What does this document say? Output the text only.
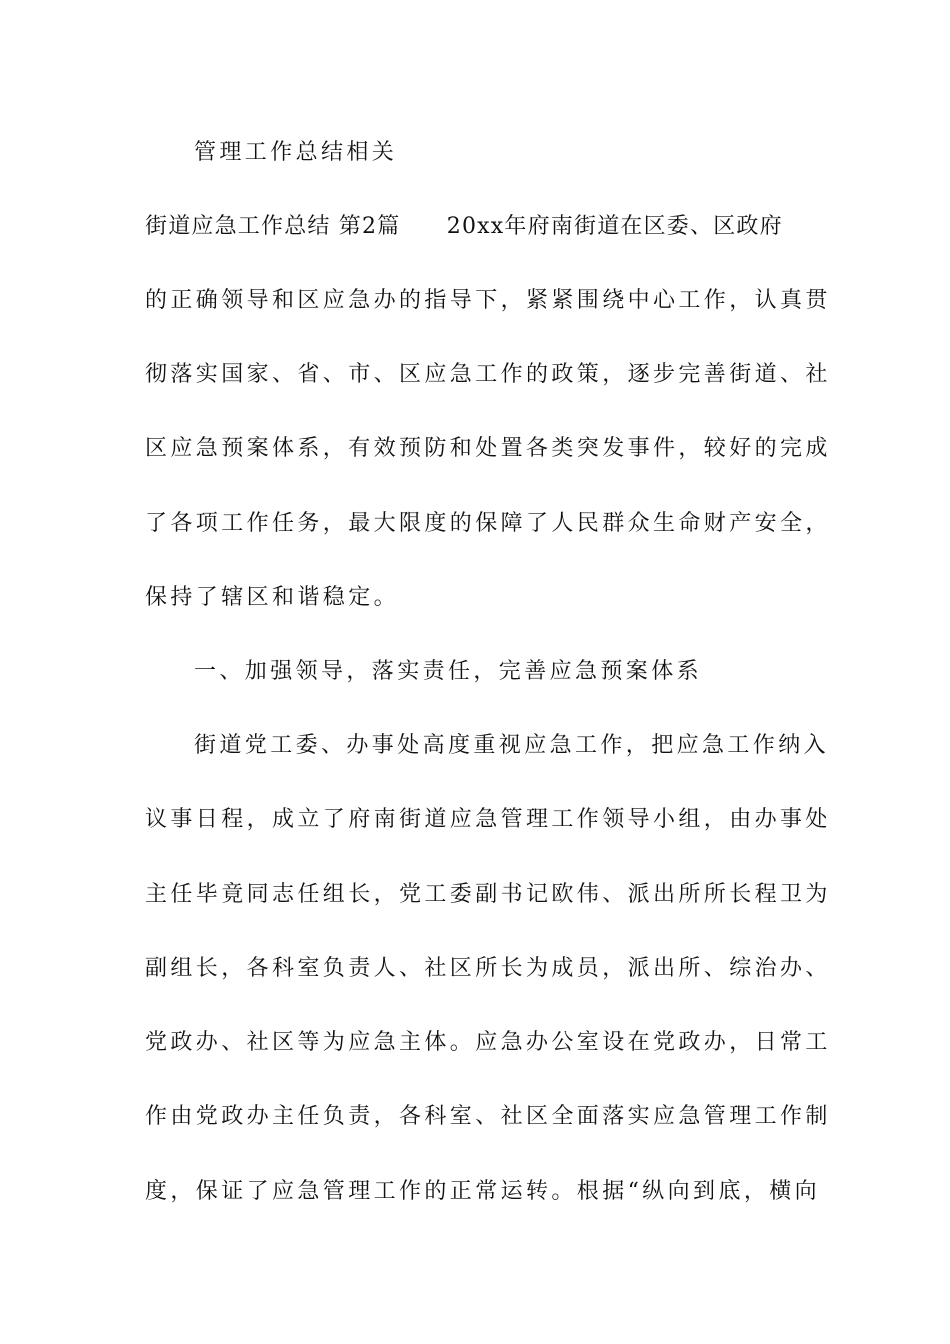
管理工作总结相关
街道应急工作总结 第2篇　　20xx年府南街道在区委、区政府
的正确领导和区应急办的指导下，紧紧围绕中心工作，认真贯
彻落实国家、省、市、区应急工作的政策，逐步完善街道、社
区应急预案体系，有效预防和处置各类突发事件，较好的完成
了各项工作任务，最大限度的保障了人民群众生命财产安全，
保持了辖区和谐稳定。
一、加强领导，落实责任，完善应急预案体系
街道党工委、办事处高度重视应急工作，把应急工作纳入
议事日程，成立了府南街道应急管理工作领导小组，由办事处
主任毕竟同志任组长，党工委副书记欧伟、派出所所长程卫为
副组长，各科室负责人、社区所长为成员，派出所、综治办、
党政办、社区等为应急主体。应急办公室设在党政办，日常工
作由党政办主任负责，各科室、社区全面落实应急管理工作制
度，保证了应急管理工作的正常运转。根据“纵向到底，横向
